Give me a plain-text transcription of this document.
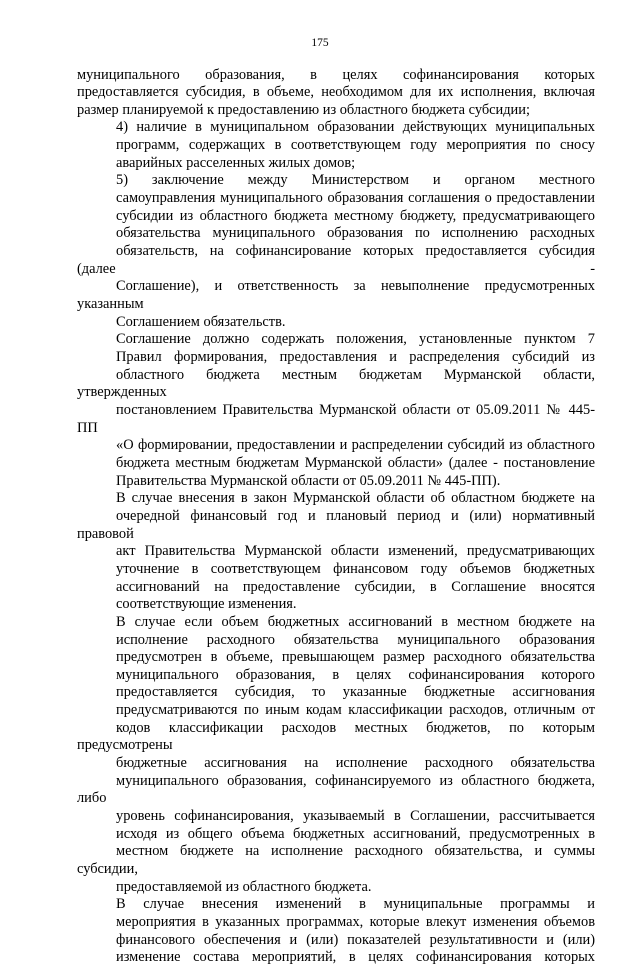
175

муниципального образования, в целях софинансирования которых
предоставляется субсидия, в объеме, необходимом для их исполнения, включая
размер планируемой к предоставлению из областного бюджета субсидии;

4) наличие в муниципальном образовании действующих муниципальных
программ, содержащих в соответствующем году мероприятия по сносу
аварийных расселенных жилых домов;

5) заключение между Министерством и органом местного
самоуправления муниципального образования соглашения о предоставлении
субсидии из областного бюджета местному бюджету, предусматривающего
обязательства муниципального образования по исполнению расходных
обязательств, на софинансирование которых предоставляется субсидия (далее -
Соглашение), и ответственность за невыполнение предусмотренных указанным
Соглашением обязательств.

Соглашение должно содержать положения, установленные пунктом 7
Правил формирования, предоставления и распределения субсидий из
областного бюджета местным бюджетам Мурманской области, утвержденных
постановлением Правительства Мурманской области от 05.09.2011 № 445-ПП
«О формировании, предоставлении и распределении субсидий из областного
бюджета местным бюджетам Мурманской области» (далее - постановление
Правительства Мурманской области от 05.09.2011 № 445-ПП).

В случае внесения в закон Мурманской области об областном бюджете на
очередной финансовый год и плановый период и (или) нормативный правовой
акт Правительства Мурманской области изменений, предусматривающих
уточнение в соответствующем финансовом году объемов бюджетных
ассигнований на предоставление субсидии, в Соглашение вносятся
соответствующие изменения.

В случае если объем бюджетных ассигнований в местном бюджете на
исполнение расходного обязательства муниципального образования
предусмотрен в объеме, превышающем размер расходного обязательства
муниципального образования, в целях софинансирования которого
предоставляется субсидия, то указанные бюджетные ассигнования
предусматриваются по иным кодам классификации расходов, отличным от
кодов классификации расходов местных бюджетов, по которым предусмотрены
бюджетные ассигнования на исполнение расходного обязательства
муниципального образования, софинансируемого из областного бюджета, либо
уровень софинансирования, указываемый в Соглашении, рассчитывается
исходя из общего объема бюджетных ассигнований, предусмотренных в
местном бюджете на исполнение расходного обязательства, и суммы субсидии,
предоставляемой из областного бюджета.

В случае внесения изменений в муниципальные программы и
мероприятия в указанных программах, которые влекут изменения объемов
финансового обеспечения и (или) показателей результативности и (или)
изменение состава мероприятий, в целях софинансирования которых
